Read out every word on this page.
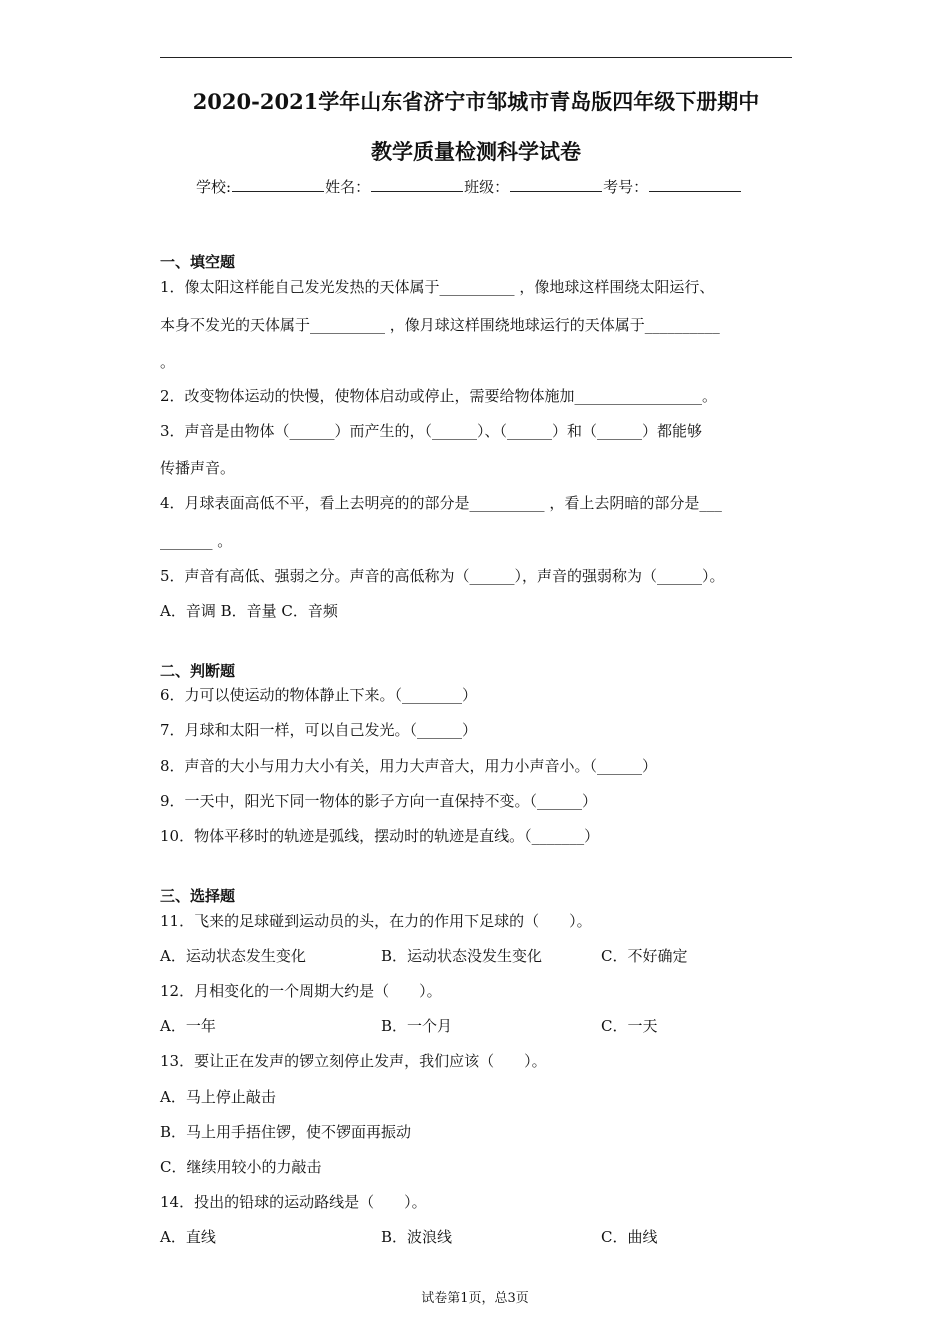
2020-2021学年山东省济宁市邹城市青岛版四年级下册期中
教学质量检测科学试卷
学校:	姓名：	班级：	考号：
一、填空题
1．像太阳这样能自己发光发热的天体属于__________ ，像地球这样围绕太阳运行、
本身不发光的天体属于__________ ，像月球这样围绕地球运行的天体属于__________
。
2．改变物体运动的快慢，使物体启动或停止，需要给物体施加_________________。
3．声音是由物体（______）而产生的，（______）、（______）和（______）都能够
传播声音。
4．月球表面高低不平，看上去明亮的的部分是__________ ，看上去阴暗的部分是___
_______ 。
5．声音有高低、强弱之分。声音的高低称为（______），声音的强弱称为（______）。
A．音调 B．音量 C．音频
二、判断题
6．力可以使运动的物体静止下来。（________）
7．月球和太阳一样，可以自己发光。（______）
8．声音的大小与用力大小有关，用力大声音大，用力小声音小。（______）
9．一天中，阳光下同一物体的影子方向一直保持不变。（______）
10．物体平移时的轨迹是弧线，摆动时的轨迹是直线。（_______）
三、选择题
11．飞来的足球碰到运动员的头，在力的作用下足球的（　　）。
A．运动状态发生变化	B．运动状态没发生变化	C．不好确定
12．月相变化的一个周期大约是（　　）。
A．一年	B．一个月	C．一天
13．要让正在发声的锣立刻停止发声，我们应该（　　）。
A．马上停止敲击
B．马上用手捂住锣，使不锣面再振动
C．继续用较小的力敲击
14．投出的铅球的运动路线是（　　）。
A．直线	B．波浪线	C．曲线
试卷第1页，总3页
